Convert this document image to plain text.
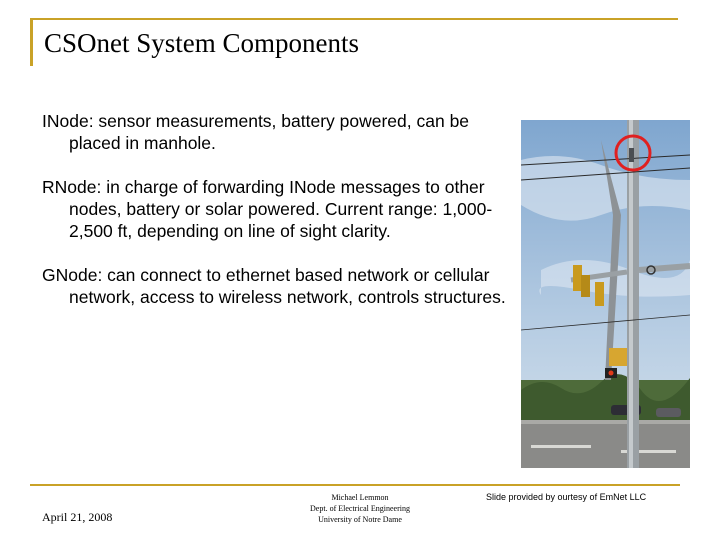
CSOnet System Components
INode: sensor measurements, battery powered, can be placed in manhole.
RNode: in charge of forwarding INode messages to other nodes, battery or solar powered. Current range: 1,000-2,500 ft, depending on line of sight clarity.
GNode: can connect to ethernet based network or cellular network, access to wireless network, controls structures.
April 21, 2008
Michael Lemmon
Dept. of Electrical Engineering
University of Notre Dame
Slide provided by ourtesy of EmNet LLC
